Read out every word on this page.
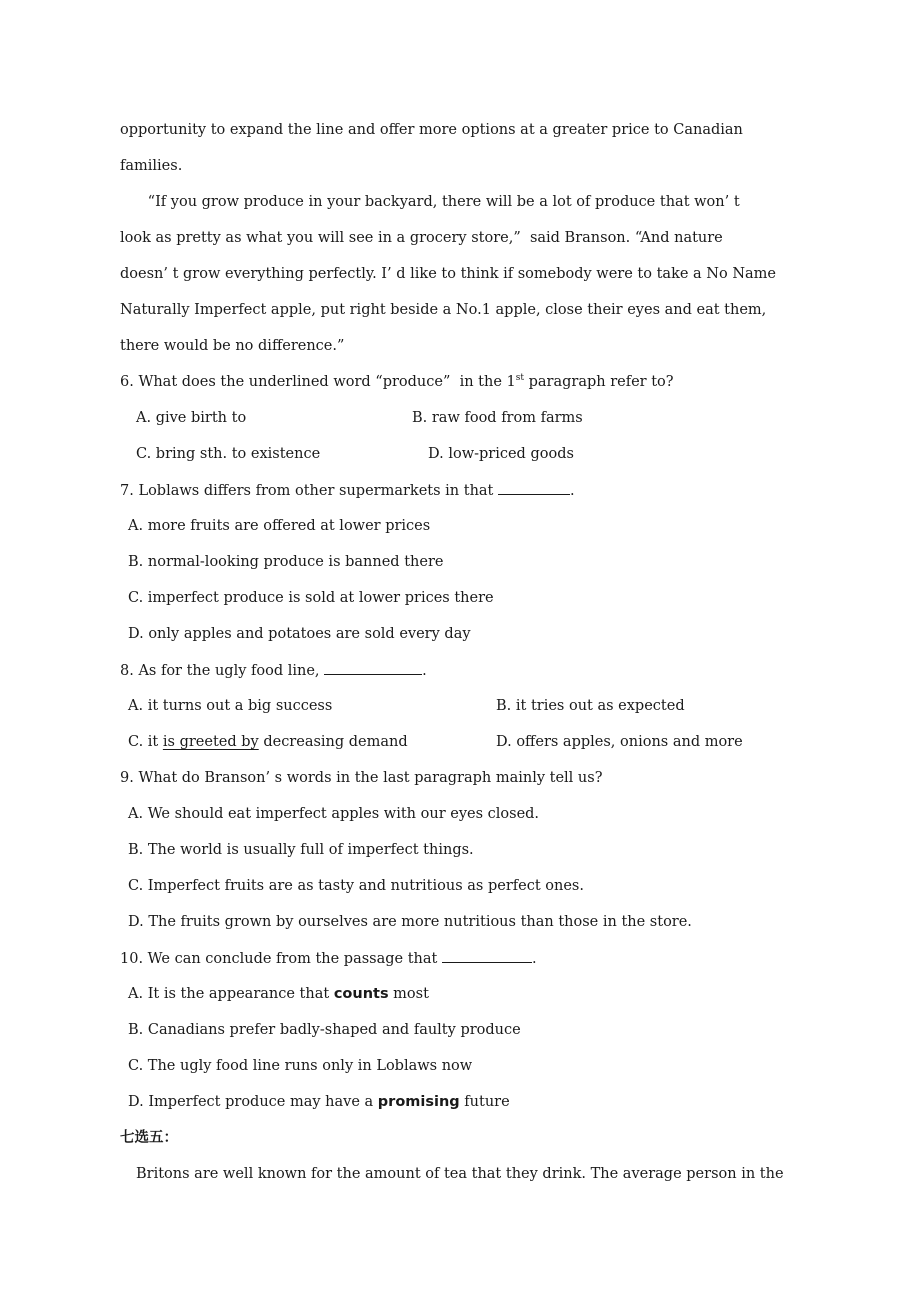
opportunity to expand the line and offer more options at a greater price to Canadian
families.
“If you grow produce in your backyard, there will be a lot of produce that won’ t
look as pretty as what you will see in a grocery store,”  said Branson. “And nature
doesn’ t grow everything perfectly. I’ d like to think if somebody were to take a No Name
Naturally Imperfect apple, put right beside a No.1 apple, close their eyes and eat them,
there would be no difference.”
6. What does the underlined word “produce”  in the 1st paragraph refer to?
A. give birth to	B. raw food from farms
C. bring sth. to existence	D. low-priced goods
7. Loblaws differs from other supermarkets in that	.
A. more fruits are offered at lower prices
B. normal-looking produce is banned there
C. imperfect produce is sold at lower prices there
D. only apples and potatoes are sold every day
8. As for the ugly food line,	.
A. it turns out a big success	B. it tries out as expected
C. it is greeted by decreasing demand	D. offers apples, onions and more
9. What do Branson’ s words in the last paragraph mainly tell us?
A. We should eat imperfect apples with our eyes closed.
B. The world is usually full of imperfect things.
C. Imperfect fruits are as tasty and nutritious as perfect ones.
D. The fruits grown by ourselves are more nutritious than those in the store.
10. We can conclude from the passage that	.
A. It is the appearance that counts most
B. Canadians prefer badly-shaped and faulty produce
C. The ugly food line runs only in Loblaws now
D. Imperfect produce may have a promising future
七选五：
Britons are well known for the amount of tea that they drink. The average person in the
